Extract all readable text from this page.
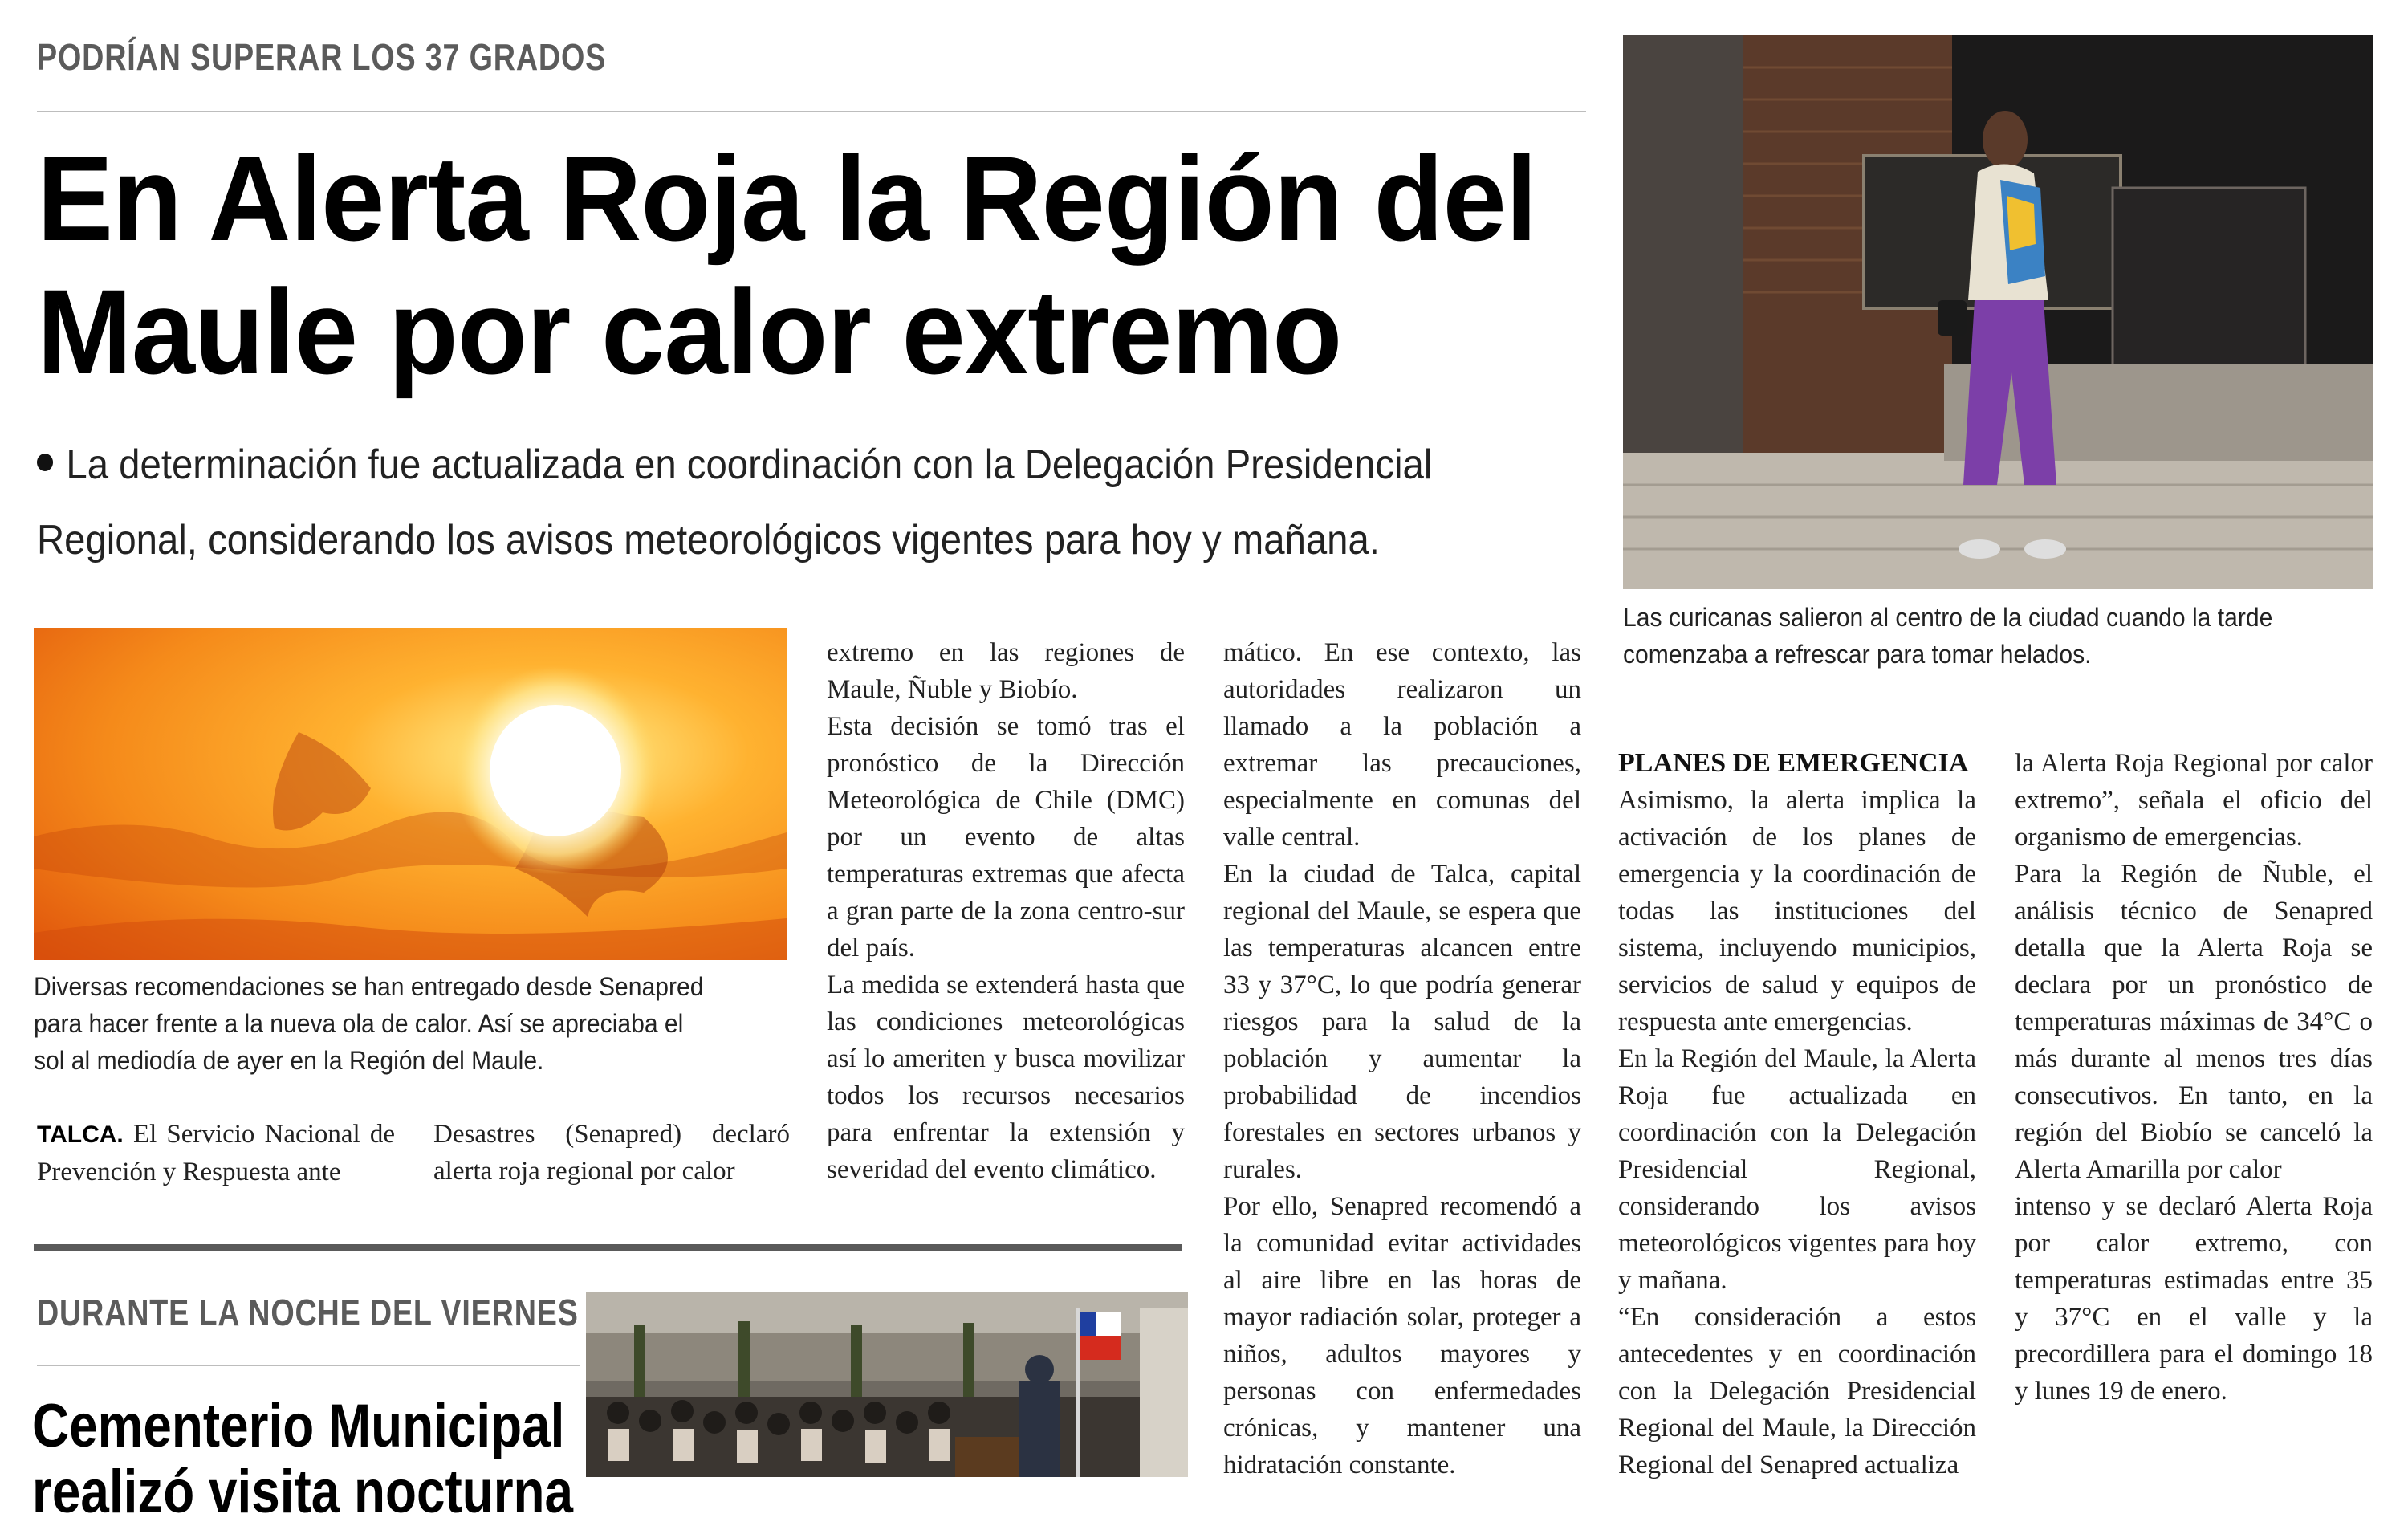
PODRÍAN SUPERAR LOS 37 GRADOS
En Alerta Roja la Región del
Maule por calor extremo
La determinación fue actualizada en coordinación con la Delegación Presidencial
Regional, considerando los avisos meteorológicos vigentes para hoy y mañana.
Diversas recomendaciones se han entregado desde Senapred
para hacer frente a la nueva ola de calor. Así se apreciaba el
sol al mediodía de ayer en la Región del Maule.
Las curicanas salieron al centro de la ciudad cuando la tarde
comenzaba a refrescar para tomar helados.

TALCA. El Servicio Nacional de Prevención y Respuesta ante

Desastres (Senapred) declaró alerta roja regional por calor

extremo en las regiones de Maule, Ñuble y Biobío.

Esta decisión se tomó tras el pronóstico de la Dirección Meteorológica de Chile (DMC) por un evento de altas temperaturas extremas que afecta a gran parte de la zona centro-sur del país.

La medida se extenderá hasta que las condiciones meteorológicas así lo ameriten y busca movilizar todos los recursos necesarios para enfrentar la extensión y severidad del evento climático.

mático. En ese contexto, las autoridades realizaron un llamado a la población a extremar las precauciones, especialmente en comunas del valle central.

En la ciudad de Talca, capital regional del Maule, se espera que las temperaturas alcancen entre 33 y 37°C, lo que podría generar riesgos para la salud de la población y aumentar la probabilidad de incendios forestales en sectores urbanos y rurales.

Por ello, Senapred recomendó a la comunidad evitar actividades al aire libre en las horas de mayor radiación solar, proteger a niños, adultos mayores y personas con enfermedades crónicas, y mantener una hidratación constante.

PLANES DE EMERGENCIA

Asimismo, la alerta implica la activación de los planes de emergencia y la coordinación de todas las instituciones del sistema, incluyendo municipios, servicios de salud y equipos de respuesta ante emergencias.

En la Región del Maule, la Alerta Roja fue actualizada en coordinación con la Delegación Presidencial Regional, considerando los avisos meteorológicos vigentes para hoy y mañana.

“En consideración a estos antecedentes y en coordinación con la Delegación Presidencial Regional del Maule, la Dirección Regional del Senapred actualiza

la Alerta Roja Regional por calor extremo”, señala el oficio del organismo de emergencias.

Para la Región de Ñuble, el análisis técnico de Senapred detalla que la Alerta Roja se declara por un pronóstico de temperaturas máximas de 34°C o más durante al menos tres días consecutivos. En tanto, en la región del Biobío se canceló la Alerta Amarilla por calor

intenso y se declaró Alerta Roja por calor extremo, con temperaturas estimadas entre 35 y 37°C en el valle y la precordillera para el domingo 18 y lunes 19 de enero.

DURANTE LA NOCHE DEL VIERNES
Cementerio Municipal
realizó visita nocturna
